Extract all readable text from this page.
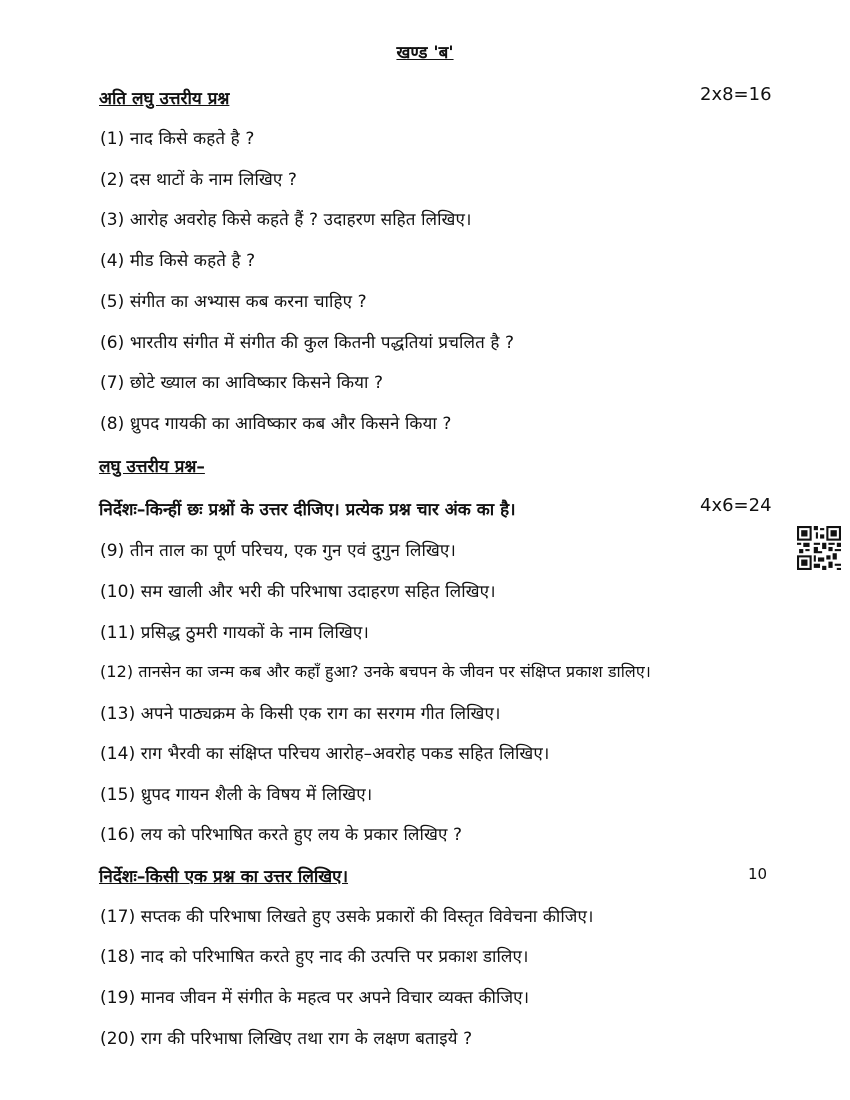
खण्ड 'ब'
अति लघु उत्तरीय प्रश्न	2x8=16
(1) नाद किसे कहते है ?
(2) दस थाटों के नाम लिखिए ?
(3) आरोह अवरोह किसे कहते हैं ? उदाहरण सहित लिखिए।
(4) मीड किसे कहते है ?
(5) संगीत का अभ्यास कब करना चाहिए ?
(6) भारतीय संगीत में संगीत की कुल कितनी पद्धतियां प्रचलित है ?
(7) छोटे ख्याल का आविष्कार किसने किया ?
(8) ध्रुपद गायकी का आविष्कार कब और किसने किया ?
लघु उत्तरीय प्रश्न–
निर्देशः–किन्हीं छः प्रश्नों के उत्तर दीजिए। प्रत्येक प्रश्न चार अंक का है।	4x6=24
(9) तीन ताल का पूर्ण परिचय, एक गुन एवं दुगुन लिखिए।
(10) सम खाली और भरी की परिभाषा उदाहरण सहित लिखिए।
(11) प्रसिद्ध ठुमरी गायकों के नाम लिखिए।
(12) तानसेन का जन्म कब और कहाँ हुआ? उनके बचपन के जीवन पर संक्षिप्त प्रकाश डालिए।
(13) अपने पाठ्यक्रम के किसी एक राग का सरगम गीत लिखिए।
(14) राग भैरवी का संक्षिप्त परिचय आरोह–अवरोह पकड सहित लिखिए।
(15) ध्रुपद गायन शैली के विषय में लिखिए।
(16) लय को परिभाषित करते हुए लय के प्रकार लिखिए ?
निर्देशः–किसी एक प्रश्न का उत्तर लिखिए।	10
(17) सप्तक की परिभाषा लिखते हुए उसके प्रकारों की विस्तृत विवेचना कीजिए।
(18) नाद को परिभाषित करते हुए नाद की उत्पत्ति पर प्रकाश डालिए।
(19) मानव जीवन में संगीत के महत्व पर अपने विचार व्यक्त कीजिए।
(20) राग की परिभाषा लिखिए तथा राग के लक्षण बताइये ?
